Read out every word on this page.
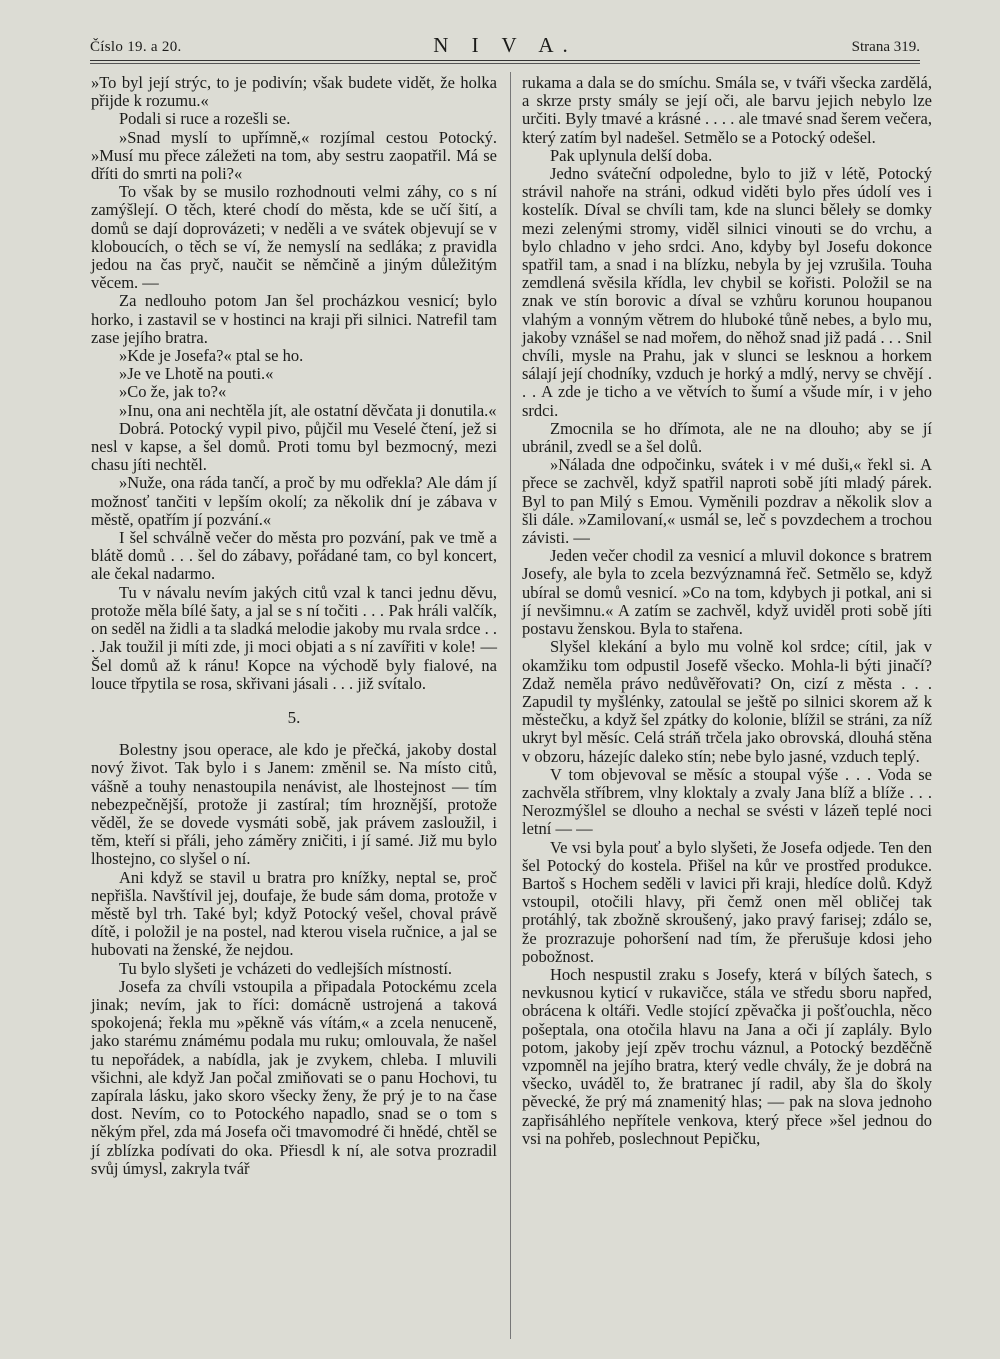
Číslo 19. a 20.	N I V A.	Strana 319.

»To byl její strýc, to je podivín; však budete vidět, že holka přijde k rozumu.«

Podali si ruce a rozešli se.

»Snad myslí to upřímně,« rozjímal cestou Potocký. »Musí mu přece záležeti na tom, aby sestru zaopatřil. Má se dříti do smrti na poli?«

To však by se musilo rozhodnouti velmi záhy, co s ní zamýšlejí. O těch, které chodí do města, kde se učí šití, a domů se dají doprovázeti; v neděli a ve svátek objevují se v kloboucích, o těch se ví, že nemyslí na sedláka; z pravidla jedou na čas pryč, naučit se němčině a jiným důležitým věcem. —

Za nedlouho potom Jan šel procházkou vesnicí; bylo horko, i zastavil se v hostinci na kraji při silnici. Natrefil tam zase jejího bratra.

»Kde je Josefa?« ptal se ho.

»Je ve Lhotě na pouti.«

»Co že, jak to?«

»Inu, ona ani nechtěla jít, ale ostatní děvčata ji donutila.«

Dobrá. Potocký vypil pivo, půjčil mu Veselé čtení, jež si nesl v kapse, a šel domů. Proti tomu byl bezmocný, mezi chasu jíti nechtěl.

»Nuže, ona ráda tančí, a proč by mu odřekla? Ale dám jí možnosť tančiti v lepším okolí; za několik dní je zábava v městě, opatřím jí pozvání.«

I šel schválně večer do města pro pozvání, pak ve tmě a blátě domů . . . šel do zábavy, pořádané tam, co byl koncert, ale čekal nadarmo.

Tu v návalu nevím jakých citů vzal k tanci jednu děvu, protože měla bílé šaty, a jal se s ní točiti . . . Pak hráli valčík, on seděl na židli a ta sladká melodie jakoby mu rvala srdce . . . Jak toužil ji míti zde, ji moci objati a s ní zavířiti v kole! — Šel domů až k ránu! Kopce na východě byly fialové, na louce třpytila se rosa, skřivani jásali . . . již svítalo.

5.

Bolestny jsou operace, ale kdo je přečká, jakoby dostal nový život. Tak bylo i s Janem: změnil se. Na místo citů, vášně a touhy nenastoupila nenávist, ale lhostejnost — tím nebezpečnější, protože ji zastíral; tím hroznější, protože věděl, že se dovede vysmáti sobě, jak právem zasloužil, i těm, kteří si přáli, jeho záměry zničiti, i jí samé. Již mu bylo lhostejno, co slyšel o ní.

Ani když se stavil u bratra pro knížky, neptal se, proč nepřišla. Navštívil jej, doufaje, že bude sám doma, protože v městě byl trh. Také byl; když Potocký vešel, choval právě dítě, i položil je na postel, nad kterou visela ručnice, a jal se hubovati na ženské, že nejdou.

Tu bylo slyšeti je vcházeti do vedlejších místností.

Josefa za chvíli vstoupila a připadala Potockému zcela jinak; nevím, jak to říci: domácně ustrojená a taková spokojená; řekla mu »pěkně vás vítám,« a zcela nenuceně, jako starému známému podala mu ruku; omlouvala, že našel tu nepořádek, a nabídla, jak je zvykem, chleba. I mluvili všichni, ale když Jan počal zmiňovati se o panu Hochovi, tu zapírala lásku, jako skoro všecky ženy, že prý je to na čase dost. Nevím, co to Potockého napadlo, snad se o tom s někým přel, zda má Josefa oči tmavomodré či hnědé, chtěl se jí zblízka podívati do oka. Přiesdl k ní, ale sotva prozradil svůj úmysl, zakryla tvář

rukama a dala se do smíchu. Smála se, v tváři všecka zardělá, a skrze prsty smály se její oči, ale barvu jejich nebylo lze určiti. Byly tmavé a krásné . . . . ale tmavé snad šerem večera, který zatím byl nadešel. Setmělo se a Potocký odešel.

Pak uplynula delší doba.

Jedno sváteční odpoledne, bylo to již v létě, Potocký strávil nahoře na stráni, odkud viděti bylo přes údolí ves i kostelík. Díval se chvíli tam, kde na slunci běleły se domky mezi zelenými stromy, viděl silnici vinouti se do vrchu, a bylo chladno v jeho srdci. Ano, kdyby byl Josefu dokonce spatřil tam, a snad i na blízku, nebyla by jej vzrušila. Touha zemdlená svěsila křídla, lev chybil se kořisti. Položil se na znak ve stín borovic a díval se vzhůru korunou houpanou vlahým a vonným větrem do hluboké tůně nebes, a bylo mu, jakoby vznášel se nad mořem, do něhož snad již padá . . . Snil chvíli, mysle na Prahu, jak v slunci se lesknou a horkem sálají její chodníky, vzduch je horký a mdlý, nervy se chvějí . . . A zde je ticho a ve větvích to šumí a všude mír, i v jeho srdci.

Zmocnila se ho dřímota, ale ne na dlouho; aby se jí ubránil, zvedl se a šel dolů.

»Nálada dne odpočinku, svátek i v mé duši,« řekl si. A přece se zachvěl, když spatřil naproti sobě jíti mladý párek. Byl to pan Milý s Emou. Vyměnili pozdrav a několik slov a šli dále. »Zamilovaní,« usmál se, leč s povzdechem a trochou závisti. —

Jeden večer chodil za vesnicí a mluvil dokonce s bratrem Josefy, ale byla to zcela bezvýznamná řeč. Setmělo se, když ubíral se domů vesnicí. »Co na tom, kdybych ji potkal, ani si jí nevšimnu.« A zatím se zachvěl, když uviděl proti sobě jíti postavu ženskou. Byla to stařena.

Slyšel klekání a bylo mu volně kol srdce; cítil, jak v okamžiku tom odpustil Josefě všecko. Mohla-li býti jinačí? Zdaž neměla právo nedůvěřovati? On, cizí z města . . . Zapudil ty myšlénky, zatoulal se ještě po silnici skorem až k městečku, a když šel zpátky do kolonie, blížil se stráni, za níž ukryt byl měsíc. Celá stráň trčela jako obrovská, dlouhá stěna v obzoru, házejíc daleko stín; nebe bylo jasné, vzduch teplý.

V tom objevoval se měsíc a stoupal výše . . . Voda se zachvěla stříbrem, vlny kloktaly a zvaly Jana blíž a blíže . . . Nerozmýšlel se dlouho a nechal se svésti v lázeň teplé noci letní — —

Ve vsi byla pouť a bylo slyšeti, že Josefa odjede. Ten den šel Potocký do kostela. Přišel na kůr ve prostřed produkce. Bartoš s Hochem seděli v lavici při kraji, hledíce dolů. Když vstoupil, otočili hlavy, při čemž onen měl obličej tak protáhlý, tak zbožně skroušený, jako pravý farisej; zdálo se, že prozrazuje pohoršení nad tím, že přerušuje kdosi jeho pobožnost.

Hoch nespustil zraku s Josefy, která v bílých šatech, s nevkusnou kyticí v rukavičce, stála ve středu sboru napřed, obrácena k oltáři. Vedle stojící zpěvačka ji pošťouchla, něco pošeptala, ona otočila hlavu na Jana a oči jí zaplály. Bylo potom, jakoby její zpěv trochu váznul, a Potocký bezděčně vzpomněl na jejího bratra, který vedle chvály, že je dobrá na všecko, uváděl to, že bratranec jí radil, aby šla do školy pěvecké, že prý má znamenitý hlas; — pak na slova jednoho zapřisáhlého nepřítele venkova, který přece »šel jednou do vsi na pohřeb, poslechnout Pepičku,
